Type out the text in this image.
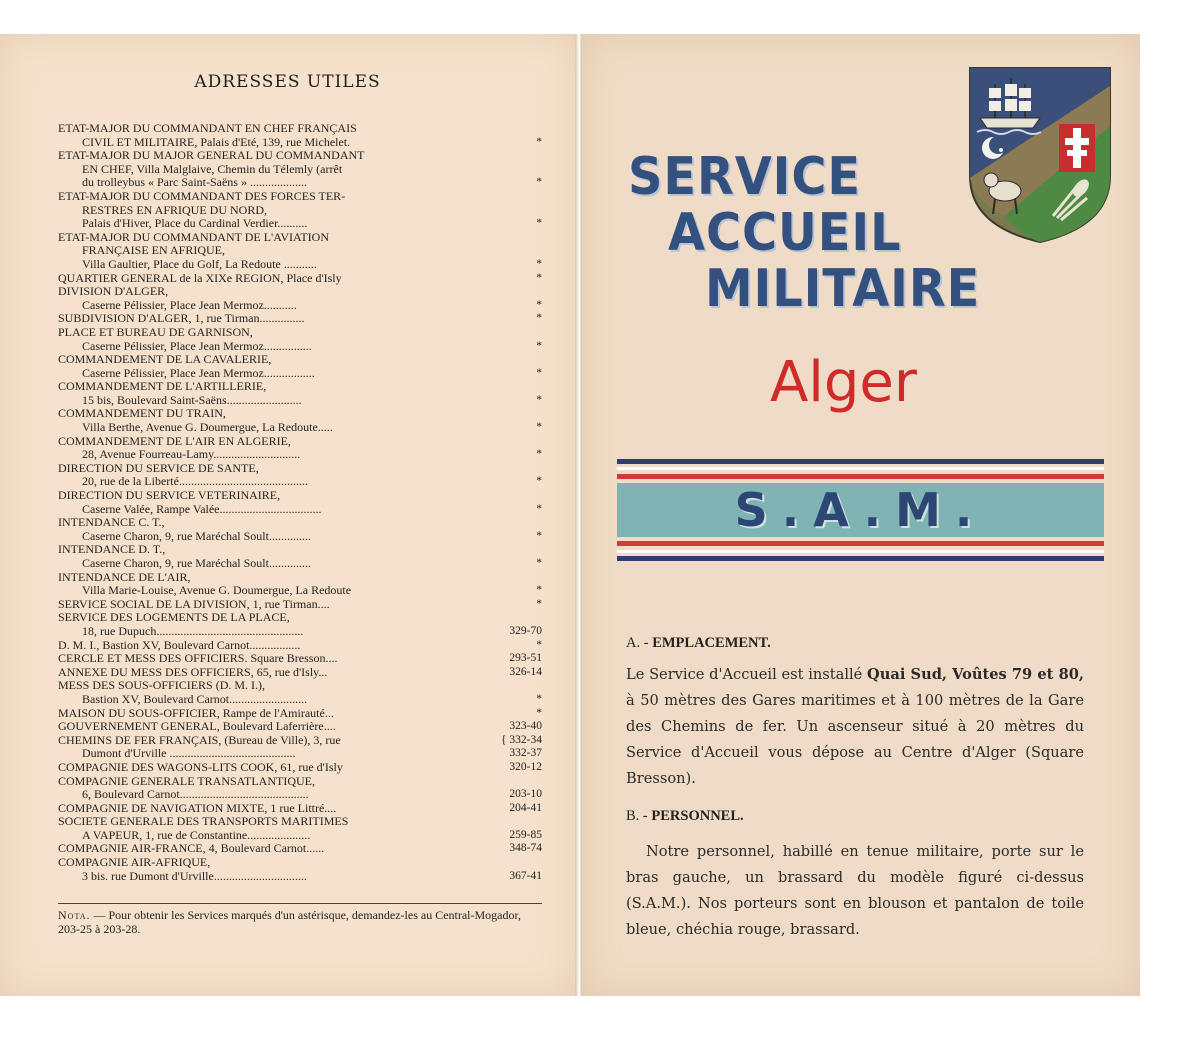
ADRESSES UTILES
ETAT-MAJOR DU COMMANDANT EN CHEF FRANÇAIS
CIVIL ET MILITAIRE, Palais d'Eté, 139, rue Michelet.	*
ETAT-MAJOR DU MAJOR GENERAL DU COMMANDANT
EN CHEF, Villa Malglaive, Chemin du Télemly (arrêt
du trolleybus « Parc Saint-Saëns » ...................	*
ETAT-MAJOR DU COMMANDANT DES FORCES TER-
RESTRES EN AFRIQUE DU NORD,
Palais d'Hiver, Place du Cardinal Verdier..........	*
ETAT-MAJOR DU COMMANDANT DE L'AVIATION
FRANÇAISE EN AFRIQUE,
Villa Gaultier, Place du Golf, La Redoute ...........	*
QUARTIER GENERAL de la XIXe REGION, Place d'Isly	*
DIVISION D'ALGER,
Caserne Pélissier, Place Jean Mermoz...........	*
SUBDIVISION D'ALGER, 1, rue Tirman...............	*
PLACE ET BUREAU DE GARNISON,
Caserne Pélissier, Place Jean Mermoz................	*
COMMANDEMENT DE LA CAVALERIE,
Caserne Pélissier, Place Jean Mermoz.................	*
COMMANDEMENT DE L'ARTILLERIE,
15 bis, Boulevard Saint-Saëns.........................	*
COMMANDEMENT DU TRAIN,
Villa Berthe, Avenue G. Doumergue, La Redoute.....	*
COMMANDEMENT DE L'AIR EN ALGERIE,
28, Avenue Fourreau-Lamy.............................	*
DIRECTION DU SERVICE DE SANTE,
20, rue de la Liberté...........................................	*
DIRECTION DU SERVICE VETERINAIRE,
Caserne Valée, Rampe Valée..................................	*
INTENDANCE C. T.,
Caserne Charon, 9, rue Maréchal Soult..............	*
INTENDANCE D. T.,
Caserne Charon, 9, rue Maréchal Soult..............	*
INTENDANCE DE L'AIR,
Villa Marie-Louise, Avenue G. Doumergue, La Redoute	*
SERVICE SOCIAL DE LA DIVISION, 1, rue Tirman....	*
SERVICE DES LOGEMENTS DE LA PLACE,
18, rue Dupuch.................................................	329-70
D. M. I., Bastion XV, Boulevard Carnot.................	*
CERCLE ET MESS DES OFFICIERS. Square Bresson....	293-51
ANNEXE DU MESS DES OFFICIERS, 65, rue d'Isly...	326-14
MESS DES SOUS-OFFICIERS (D. M. I.),
Bastion XV, Boulevard Carnot..........................	*
MAISON DU SOUS-OFFICIER, Rampe de l'Amirauté...	*
GOUVERNEMENT GENERAL, Boulevard Laferrière....	323-40
CHEMINS DE FER FRANÇAIS, (Bureau de Ville), 3, rue	{ 332-34
Dumont d'Urville ..........................................	332-37
COMPAGNIE DES WAGONS-LITS COOK, 61, rue d'Isly	320-12
COMPAGNIE GENERALE TRANSATLANTIQUE,
6, Boulevard Carnot...........................................	203-10
COMPAGNIE DE NAVIGATION MIXTE, 1 rue Littré....	204-41
SOCIETE GENERALE DES TRANSPORTS MARITIMES
A VAPEUR, 1, rue de Constantine.....................	259-85
COMPAGNIE AIR-FRANCE, 4, Boulevard Carnot......	348-74
COMPAGNIE AIR-AFRIQUE,
3 bis. rue Dumont d'Urville...............................	367-41
Nota. — Pour obtenir les Services marqués d'un astérisque, demandez-les au Central-Mogador, 203-25 à 203-28.
SERVICE
ACCUEIL
MILITAIRE
Alger
S.A.M.
A. - EMPLACEMENT.
Le Service d'Accueil est installé Quai Sud, Voûtes 79 et 80, à 50 mètres des Gares maritimes et à 100 mètres de la Gare des Chemins de fer. Un ascenseur situé à 20 mètres du Service d'Accueil vous dépose au Centre d'Alger (Square Bresson).
B. - PERSONNEL.
Notre personnel, habillé en tenue militaire, porte sur le bras gauche, un brassard du modèle figuré ci-dessus (S.A.M.). Nos porteurs sont en blouson et pantalon de toile bleue, chéchia rouge, brassard.
